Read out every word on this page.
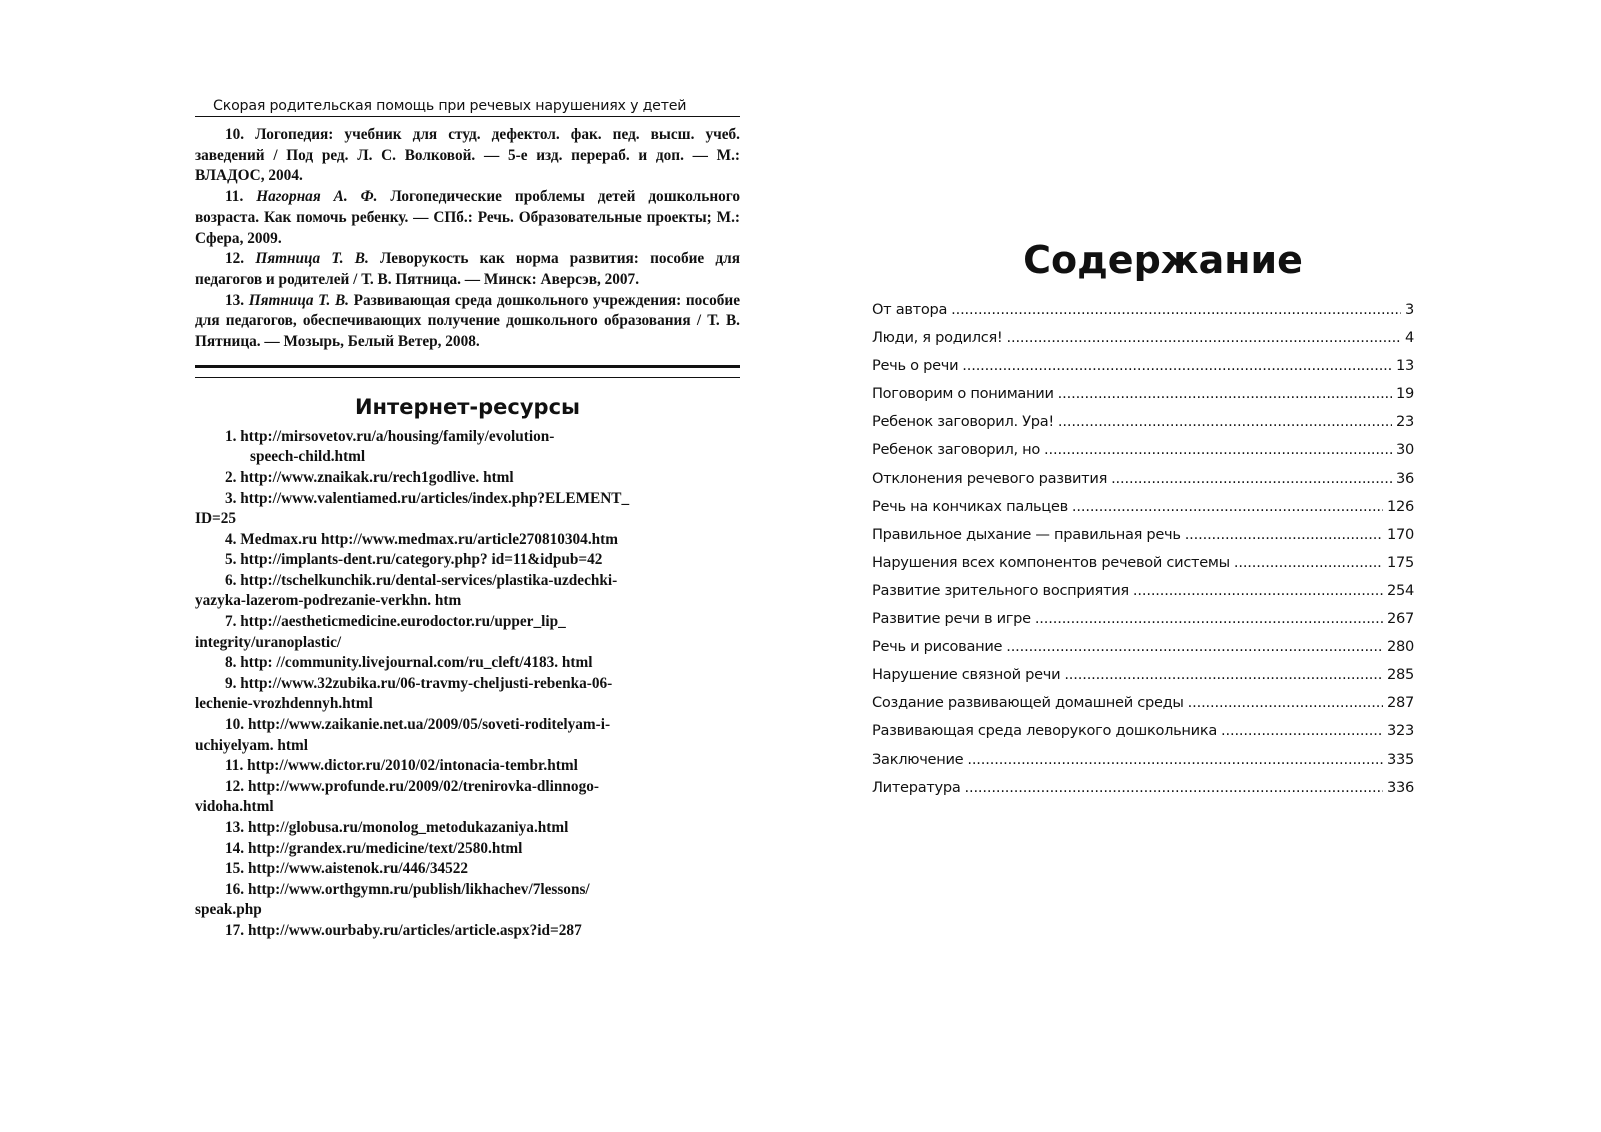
Скорая родительская помощь при речевых нарушениях у детей

10. Логопедия: учебник для студ. дефектол. фак. пед. высш. учеб. заведений / Под ред. Л. С. Волковой. — 5-е изд. перераб. и доп. — М.: ВЛАДОС, 2004.

11. Нагорная А. Ф. Логопедические проблемы детей дошкольного возраста. Как помочь ребенку. — СПб.: Речь. Образовательные проекты; М.: Сфера, 2009.

12. Пятница Т. В. Леворукость как норма развития: пособие для педагогов и родителей / Т. В. Пятница. — Минск: Аверсэв, 2007.

13. Пятница Т. В. Развивающая среда дошкольного учреждения: пособие для педагогов, обеспечивающих получение дошкольного образования / Т. В. Пятница. — Мозырь, Белый Ветер, 2008.

Интернет-ресурсы
1. http://mirsovetov.ru/a/housing/family/evolution-
speech-child.html
2. http://www.znaikak.ru/rech1godlive. html
3. http://www.valentiamed.ru/articles/index.php?ELEMENT_
ID=25
4. Medmax.ru http://www.medmax.ru/article270810304.htm
5. http://implants-dent.ru/category.php? id=11&idpub=42
6. http://tschelkunchik.ru/dental-services/plastika-uzdechki-
yazyka-lazerom-podrezanie-verkhn. htm
7. http://aestheticmedicine.eurodoctor.ru/upper_lip_
integrity/uranoplastic/
8. http: //community.livejournal.com/ru_cleft/4183. html
9. http://www.32zubika.ru/06-travmy-cheljusti-rebenka-06-
lechenie-vrozhdennyh.html
10. http://www.zaikanie.net.ua/2009/05/soveti-roditelyam-i-
uchiyelyam. html
11. http://www.dictor.ru/2010/02/intonacia-tembr.html
12. http://www.profunde.ru/2009/02/trenirovka-dlinnogo-
vidoha.html
13. http://globusa.ru/monolog_metodukazaniya.html
14. http://grandex.ru/medicine/text/2580.html
15. http://www.aistenok.ru/446/34522
16. http://www.orthgymn.ru/publish/likhachev/7lessons/
speak.php
17. http://www.ourbaby.ru/articles/article.aspx?id=287
Содержание
От автора . . .	3
Люди, я родился! . . .	4
Речь о речи . . .	13
Поговорим о понимании . . .	19
Ребенок заговорил. Ура! . . .	23
Ребенок заговорил, но . . .	30
Отклонения речевого развития . . .	36
Речь на кончиках пальцев . . .	126
Правильное дыхание — правильная речь . . .	170
Нарушения всех компонентов речевой системы . . .	175
Развитие зрительного восприятия . . .	254
Развитие речи в игре . . .	267
Речь и рисование . . .	280
Нарушение связной речи . . .	285
Создание развивающей домашней среды . . .	287
Развивающая среда леворукого дошкольника . . .	323
Заключение . . .	335
Литература . . .	336
